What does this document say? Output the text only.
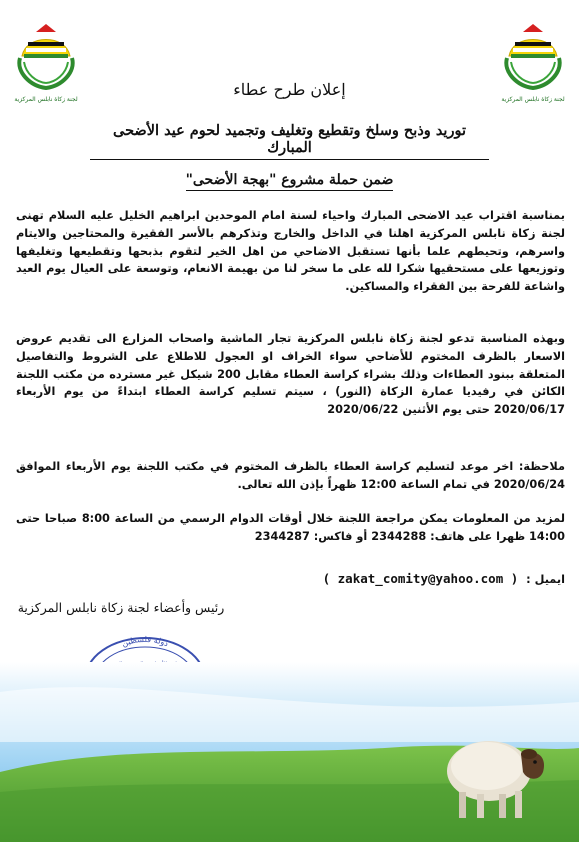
لجنة زكاة نابلس المركزية
لجنة زكاة نابلس المركزية
إعلان طرح عطاء
توريد وذبح وسلخ وتقطيع وتغليف وتجميد لحوم عيد الأضحى المبارك
ضمن حملة مشروع "بهجة الأضحى"
بمناسبة اقتراب عيد الاضحى المبارك واحياء لسنة امام الموحدين ابراهيم الخليل عليه السلام تهنى لجنة زكاة نابلس المركزية اهلنا في الداخل والخارج وتذكرهم بالأسر الفقيرة والمحتاجين والايتام واسرهم، وتحيطهم علما بأنها تستقبل الاضاحي من اهل الخير لتقوم بذبحها وتقطيعها وتغليفها وتوزيعها على مستحقيها شكرا لله على ما سخر لنا من بهيمة الانعام، وتوسعة على العيال يوم العيد واشاعة للفرحة بين الفقراء والمساكين.
وبهذه المناسبة تدعو لجنة زكاة نابلس المركزية تجار الماشية واصحاب المزارع الى تقديم عروض الاسعار بالظرف المختوم للأضاحي سواء الخراف او العجول للاطلاع على الشروط والتفاصيل المتعلقة ببنود العطاءات وذلك بشراء كراسة العطاء مقابل 200 شيكل غير مسترده من مكتب اللجنة الكائن في رفيديا عمارة الزكاة (النور) ، سيتم تسليم كراسة العطاء ابتداءً من يوم الأربعاء 2020/06/17 حتى يوم الأثنين 2020/06/22
ملاحظة: اخر موعد لتسليم كراسة العطاء بالظرف المختوم في مكتب اللجنة يوم الأربعاء الموافق 2020/06/24 في تمام الساعة 12:00 ظهراً بإذن الله تعالى.
لمزيد من المعلومات يمكن مراجعة اللجنة خلال أوقات الدوام الرسمي من الساعة 8:00 صباحا حتى 14:00 ظهرا على هاتف: 2344288 أو فاكس: 2344287
ايميل :  ( zakat_comity@yahoo.com )
رئيس وأعضاء لجنة زكاة نابلس المركزية
دولة فلسطين
